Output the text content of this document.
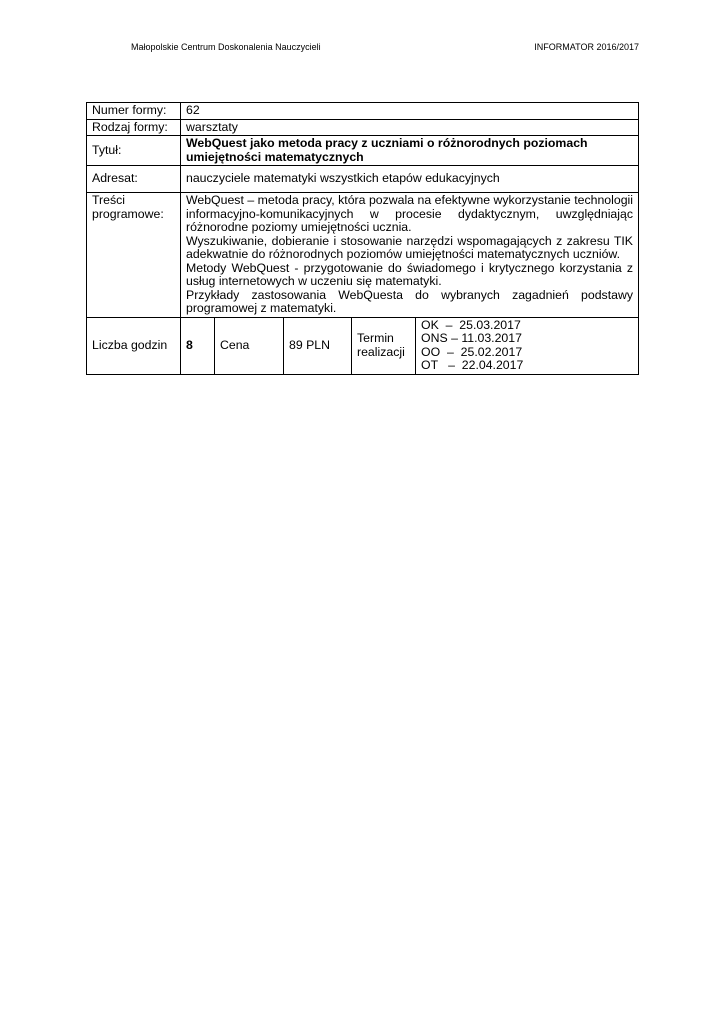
Małopolskie Centrum Doskonalenia Nauczycieli	INFORMATOR 2016/2017
Numer formy:	62
Rodzaj formy:	warsztaty
Tytuł:	WebQuest jako metoda pracy z uczniami o różnorodnych poziomach umiejętności matematycznych
Adresat:	nauczyciele matematyki wszystkich etapów edukacyjnych
Treści programowe:	
WebQuest – metoda pracy, która pozwala na efektywne wykorzystanie technologii informacyjno-komunikacyjnych w procesie dydaktycznym, uwzględniając różnorodne poziomy umiejętności ucznia.
Wyszukiwanie, dobieranie i stosowanie narzędzi wspomagających z zakresu TIK adekwatnie do różnorodnych poziomów umiejętności matematycznych uczniów.
Metody WebQuest - przygotowanie do świadomego i krytycznego korzystania z usług internetowych w uczeniu się matematyki.
Przykłady zastosowania WebQuesta do wybranych zagadnień podstawy programowej z matematyki.

Liczba godzin	8	Cena	89 PLN	Termin realizacji	
OK  –  25.03.2017
ONS – 11.03.2017
OO  –  25.02.2017
OT   –  22.04.2017
